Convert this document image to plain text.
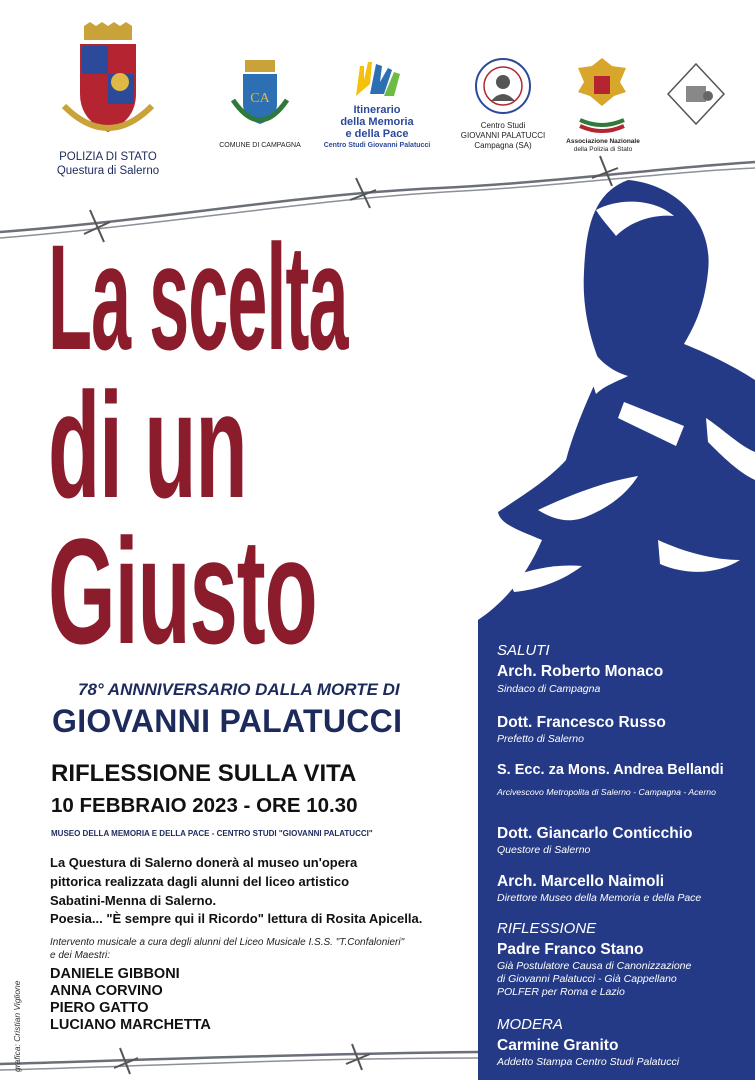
POLIZIA DI STATO
Questura di Salerno
CA
COMUNE DI CAMPAGNA
Itinerario
della Memoria
e della Pace
Centro Studi Giovanni Palatucci
Centro Studi
GIOVANNI PALATUCCI
Campagna (SA)	Associazione Nazionale
della Polizia di Stato
La scelta
di un
Giusto
78° ANNNIVERSARIO DALLA MORTE DI
GIOVANNI PALATUCCI
RIFLESSIONE SULLA VITA
10 FEBBRAIO 2023 - ORE 10.30
MUSEO DELLA MEMORIA E DELLA PACE - CENTRO STUDI "GIOVANNI PALATUCCI"
La Questura di Salerno donerà al museo un'opera
pittorica realizzata dagli alunni del liceo artistico
Sabatini-Menna di Salerno.
Poesia... "È sempre qui il Ricordo" lettura di Rosita Apicella.
Intervento musicale a cura degli alunni del Liceo Musicale I.S.S. "T.Confalonieri"
e dei Maestri:
DANIELE GIBBONI
ANNA CORVINO
PIERO GATTO
LUCIANO MARCHETTA
grafica: Cristian Viglione
SALUTI
Arch. Roberto Monaco
Sindaco di Campagna
Dott. Francesco Russo
Prefetto di Salerno
S. Ecc. za Mons. Andrea Bellandi
Arcivescovo Metropolita di Salerno - Campagna - Acerno
Dott. Giancarlo Conticchio
Questore di Salerno
Arch. Marcello Naimoli
Direttore Museo della Memoria e della Pace
RIFLESSIONE
Padre Franco Stano
Già Postulatore Causa di Canonizzazione
di Giovanni Palatucci - Già Cappellano
POLFER per Roma e Lazio
MODERA
Carmine Granito
Addetto Stampa Centro Studi Palatucci
